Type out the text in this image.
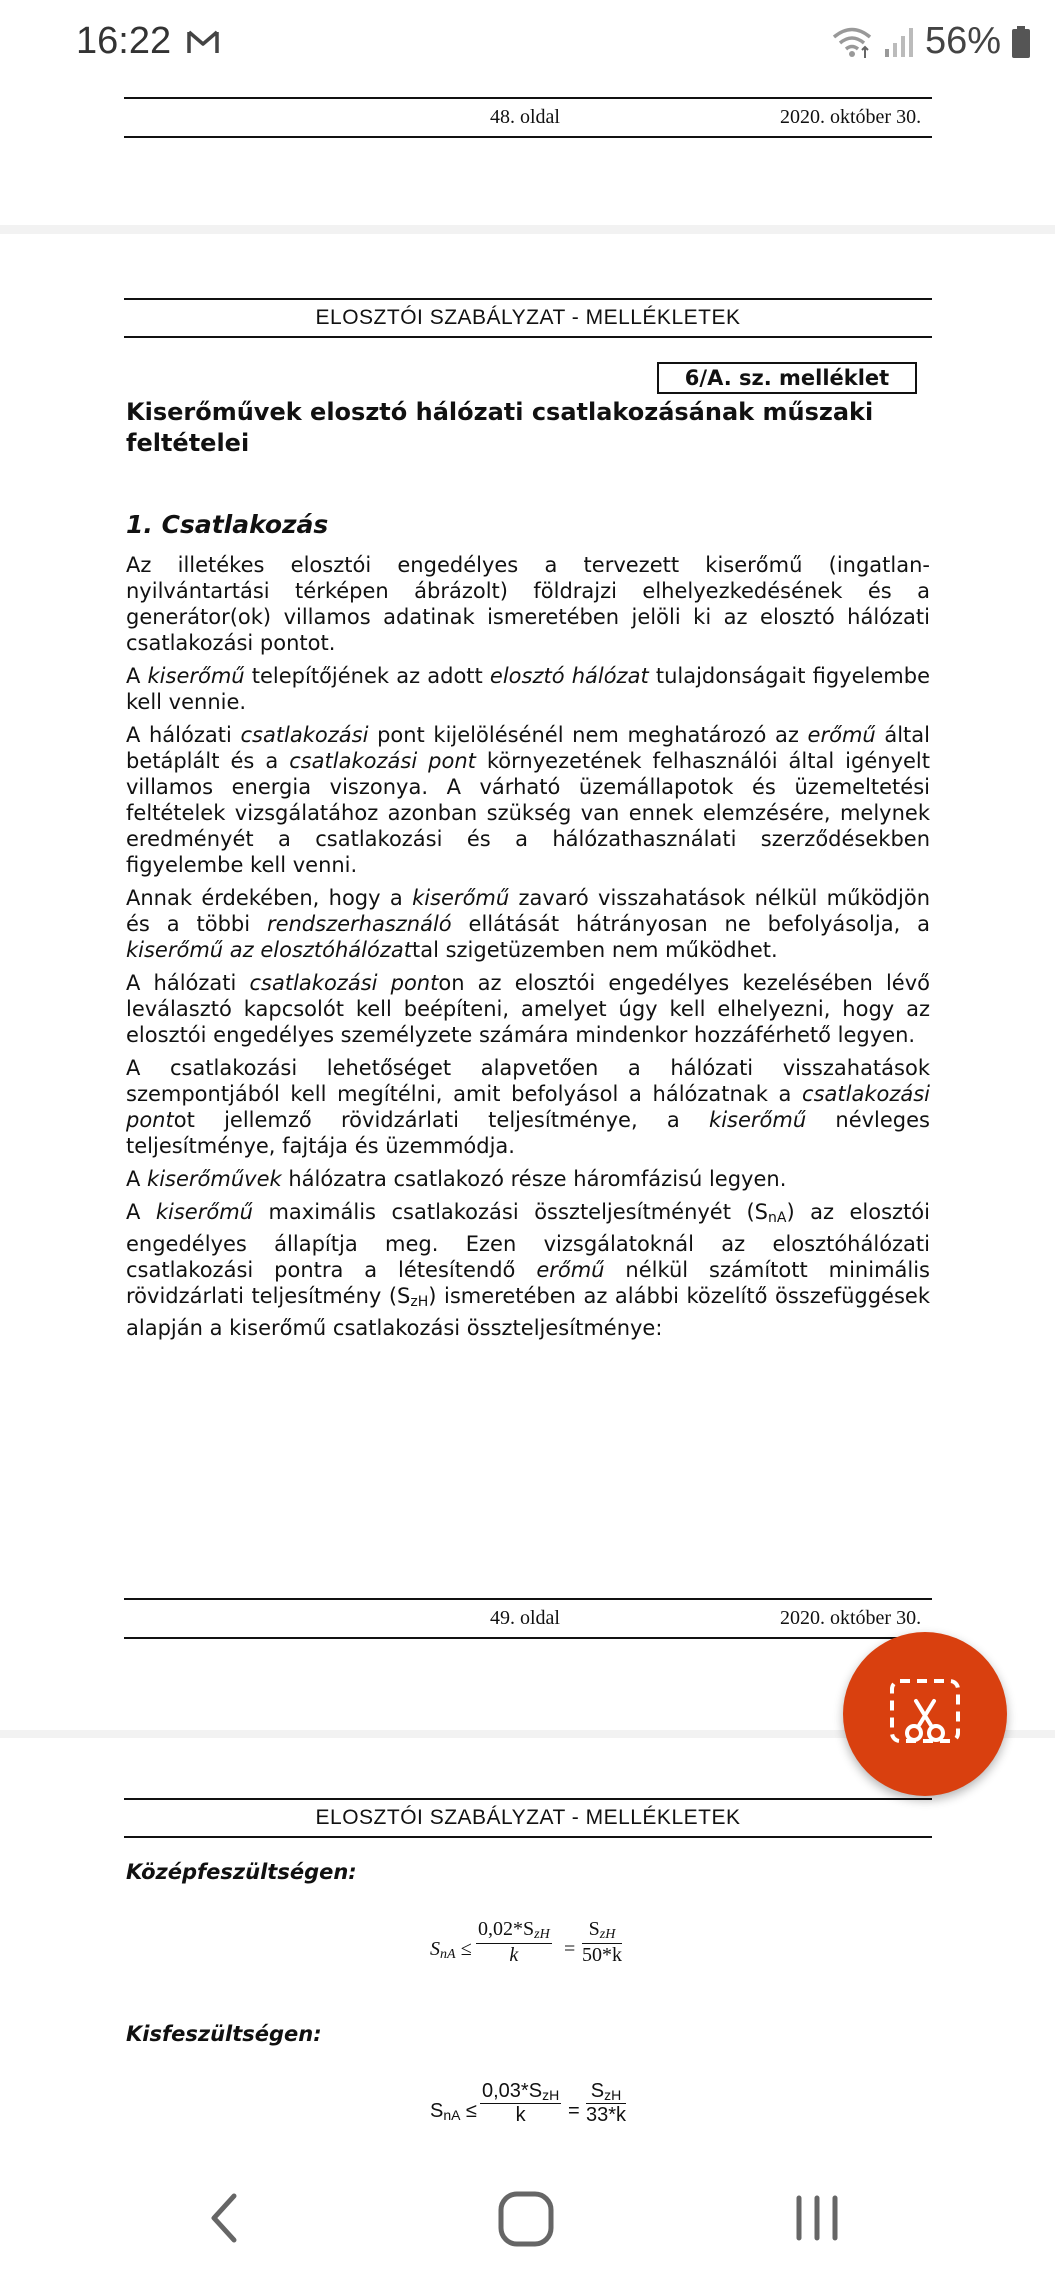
16:22	56%
48. oldal	2020. október 30.
ELOSZTÓI SZABÁLYZAT - MELLÉKLETEK
6/A. sz. melléklet
Kiserőművek elosztó hálózati csatlakozásának műszaki feltételei
1. Csatlakozás

Az illetékes elosztói engedélyes a tervezett kiserőmű (ingatlan-nyilvántartási térképen ábrázolt) földrajzi elhelyezkedésének és a generátor(ok) villamos adatinak ismeretében jelöli ki az elosztó hálózati csatlakozási pontot.

A kiserőmű telepítőjének az adott elosztó hálózat tulajdonságait figyelembe kell vennie.

A hálózati csatlakozási pont kijelölésénél nem meghatározó az erőmű által betáplált és a csatlakozási pont környezetének felhasználói által igényelt villamos energia viszonya. A várható üzemállapotok és üzemeltetési feltételek vizsgálatához azonban szükség van ennek elemzésére, melynek eredményét a csatlakozási és a hálózathasználati szerződésekben figyelembe kell venni.

Annak érdekében, hogy a kiserőmű zavaró visszahatások nélkül működjön és a többi rendszerhasználó ellátását hátrányosan ne befolyásolja, a kiserőmű az elosztóhálózattal szigetüzemben nem működhet.

A hálózati csatlakozási ponton az elosztói engedélyes kezelésében lévő leválasztó kapcsolót kell beépíteni, amelyet úgy kell elhelyezni, hogy az elosztói engedélyes személyzete számára mindenkor hozzáférhető legyen.

A csatlakozási lehetőséget alapvetően a hálózati visszahatások szempontjából kell megítélni, amit befolyásol a hálózatnak a csatlakozási pontot jellemző rövidzárlati teljesítménye, a kiserőmű névleges teljesítménye, fajtája és üzemmódja.

A kiserőművek hálózatra csatlakozó része háromfázisú legyen.

A kiserőmű maximális csatlakozási összteljesítményét (SnA) az elosztói engedélyes állapítja meg. Ezen vizsgálatoknál az elosztóhálózati csatlakozási pontra a létesítendő erőmű nélkül számított minimális rövidzárlati teljesítmény (SzH) ismeretében az alábbi közelítő összefüggések alapján a kiserőmű csatlakozási összteljesítménye:

49. oldal	2020. október 30.
ELOSZTÓI SZABÁLYZAT - MELLÉKLETEK
Középfeszültségen:
SnA ≤
0,02*SzH
k	=
SzH
50*k
Kisfeszültségen:
SnA ≤
0,03*SzH
k	=
SzH
33*k
